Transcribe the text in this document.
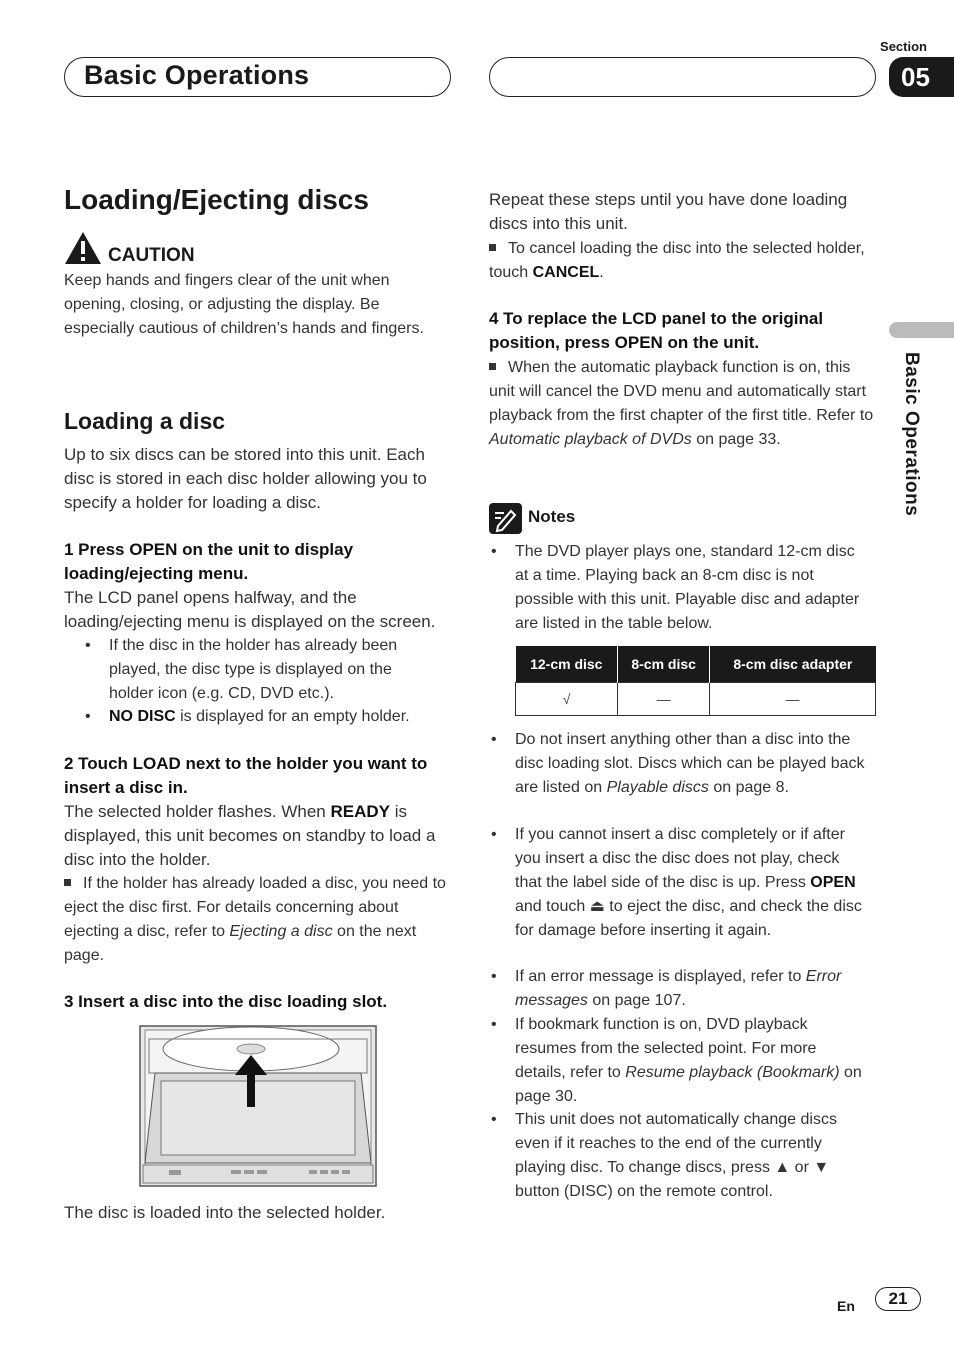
Basic Operations
Section
05
Basic Operations
Loading/Ejecting discs
CAUTION
Keep hands and fingers clear of the unit when opening, closing, or adjusting the display. Be especially cautious of children’s hands and fingers.
Loading a disc
Up to six discs can be stored into this unit. Each disc is stored in each disc holder allowing you to specify a holder for loading a disc.
1 Press OPEN on the unit to display loading/ejecting menu.
The LCD panel opens halfway, and the loading/ejecting menu is displayed on the screen.
• If the disc in the holder has already been played, the disc type is displayed on the holder icon (e.g. CD, DVD etc.).
• NO DISC is displayed for an empty holder.
2 Touch LOAD next to the holder you want to insert a disc in.
The selected holder flashes. When READY is displayed, this unit becomes on standby to load a disc into the holder.
If the holder has already loaded a disc, you need to eject the disc first. For details concerning about ejecting a disc, refer to Ejecting a disc on the next page.
3 Insert a disc into the disc loading slot.
The disc is loaded into the selected holder.
Repeat these steps until you have done loading discs into this unit.
To cancel loading the disc into the selected holder, touch CANCEL.
4 To replace the LCD panel to the original position, press OPEN on the unit.
When the automatic playback function is on, this unit will cancel the DVD menu and automatically start playback from the first chapter of the first title. Refer to Automatic playback of DVDs on page 33.
Notes
• The DVD player plays one, standard 12-cm disc at a time. Playing back an 8-cm disc is not possible with this unit. Playable disc and adapter are listed in the table below.
12-cm disc	8-cm disc	8-cm disc adapter
√	—	—
• Do not insert anything other than a disc into the disc loading slot. Discs which can be played back are listed on Playable discs on page 8.
• If you cannot insert a disc completely or if after you insert a disc the disc does not play, check that the label side of the disc is up. Press OPEN and touch ⏏ to eject the disc, and check the disc for damage before inserting it again.
• If an error message is displayed, refer to Error messages on page 107.
• If bookmark function is on, DVD playback resumes from the selected point. For more details, refer to Resume playback (Bookmark) on page 30.
• This unit does not automatically change discs even if it reaches to the end of the currently playing disc. To change discs, press ▲ or ▼ button (DISC) on the remote control.
En	21
